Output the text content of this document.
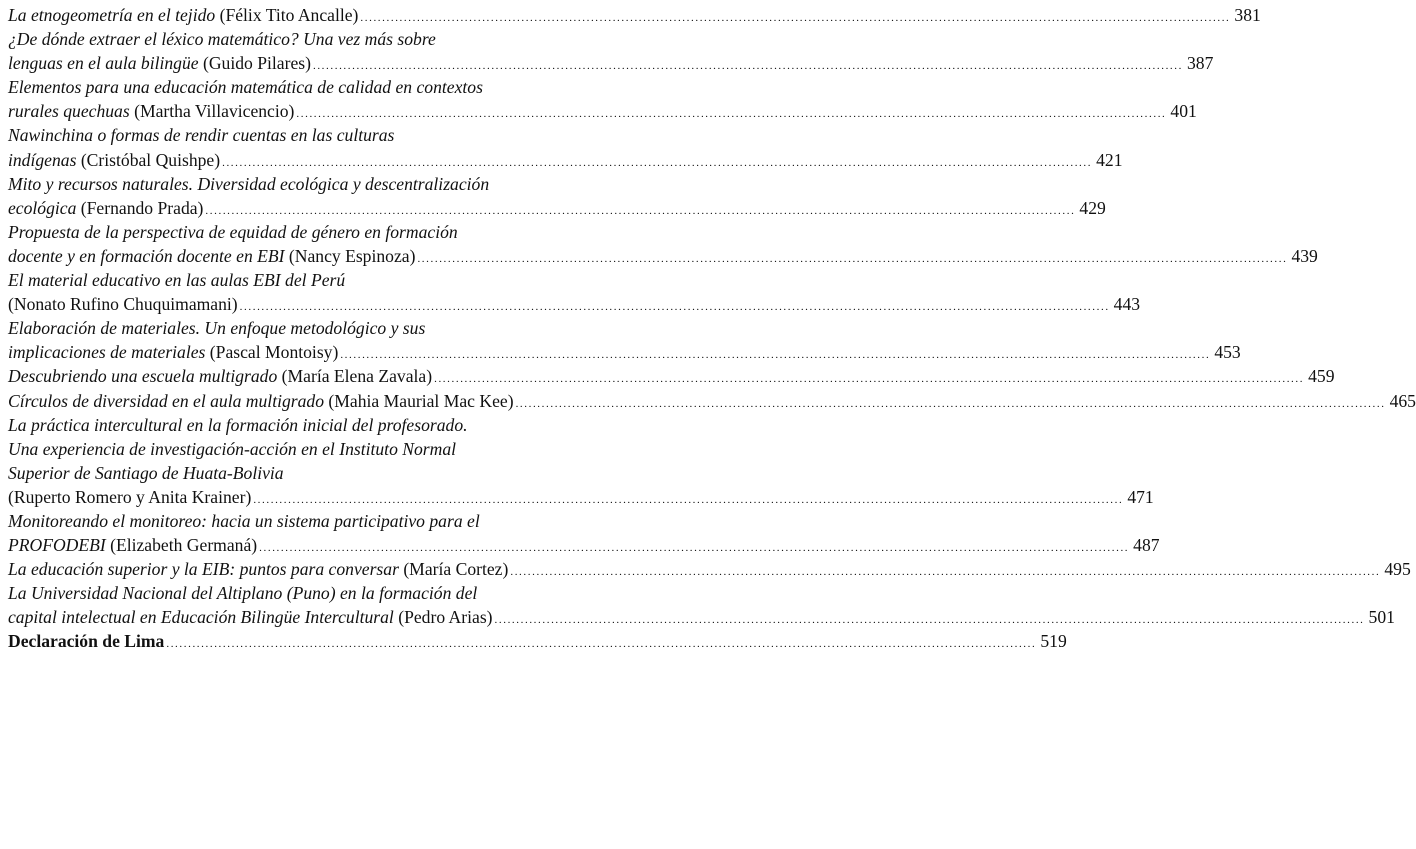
La etnogeometría en el tejido (Félix Tito Ancalle) ........................................................................................................................................................................................................ 381
¿De dónde extraer el léxico matemático? Una vez más sobre
lenguas en el aula bilingüe (Guido Pilares) ........................................................................................................................................................................................................ 387
Elementos para una educación matemática de calidad en contextos
rurales quechuas (Martha Villavicencio) ........................................................................................................................................................................................................ 401
Nawinchina o formas de rendir cuentas en las culturas
indígenas (Cristóbal Quishpe) ........................................................................................................................................................................................................ 421
Mito y recursos naturales. Diversidad ecológica y descentralización
ecológica (Fernando Prada) ........................................................................................................................................................................................................ 429
Propuesta de la perspectiva de equidad de género en formación
docente y en formación docente en EBI (Nancy Espinoza) ........................................................................................................................................................................................................ 439
El material educativo en las aulas EBI del Perú
(Nonato Rufino Chuquimamani) ........................................................................................................................................................................................................ 443
Elaboración de materiales. Un enfoque metodológico y sus
implicaciones de materiales (Pascal Montoisy) ........................................................................................................................................................................................................ 453
Descubriendo una escuela multigrado (María Elena Zavala) ........................................................................................................................................................................................................ 459
Círculos de diversidad en el aula multigrado (Mahia Maurial Mac Kee) ........................................................................................................................................................................................................ 465
La práctica intercultural en la formación inicial del profesorado.
Una experiencia de investigación-acción en el Instituto Normal
Superior de Santiago de Huata-Bolivia
(Ruperto Romero y Anita Krainer) ........................................................................................................................................................................................................ 471
Monitoreando el monitoreo: hacia un sistema participativo para el
PROFODEBI (Elizabeth Germaná) ........................................................................................................................................................................................................ 487
La educación superior y la EIB: puntos para conversar (María Cortez) ........................................................................................................................................................................................................ 495
La Universidad Nacional del Altiplano (Puno) en la formación del
capital intelectual en Educación Bilingüe Intercultural (Pedro Arias) ........................................................................................................................................................................................................ 501
Declaración de Lima ........................................................................................................................................................................................................ 519
